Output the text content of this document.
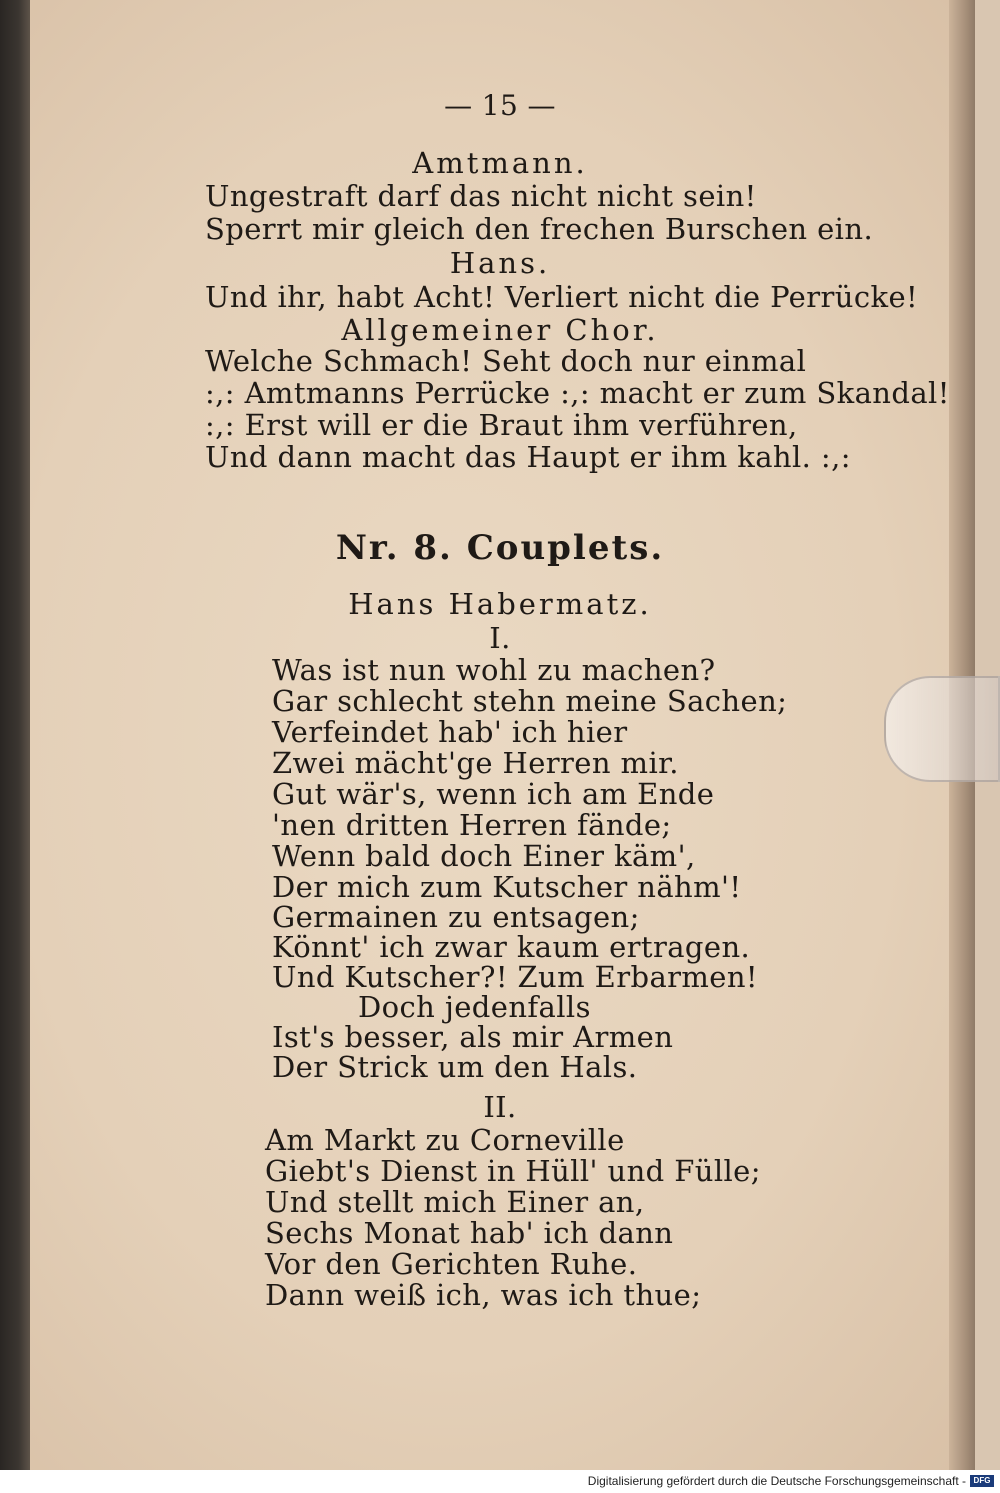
— 15 —
Amtmann.
Ungestraft darf das nicht nicht sein!
Sperrt mir gleich den frechen Burschen ein.
Hans.
Und ihr, habt Acht! Verliert nicht die Perrücke!
Allgemeiner Chor.
Welche Schmach! Seht doch nur einmal
:,: Amtmanns Perrücke :,: macht er zum Skandal!
:,: Erst will er die Braut ihm verführen,
Und dann macht das Haupt er ihm kahl. :,:
Nr. 8. Couplets.
Hans Habermatz.
I.
Was ist nun wohl zu machen?
Gar schlecht stehn meine Sachen;
Verfeindet hab' ich hier
Zwei mächt'ge Herren mir.
Gut wär's, wenn ich am Ende
'nen dritten Herren fände;
Wenn bald doch Einer käm',
Der mich zum Kutscher nähm'!
Germainen zu entsagen;
Könnt' ich zwar kaum ertragen.
Und Kutscher?! Zum Erbarmen!
Doch jedenfalls
Ist's besser, als mir Armen
Der Strick um den Hals.
II.
Am Markt zu Corneville
Giebt's Dienst in Hüll' und Fülle;
Und stellt mich Einer an,
Sechs Monat hab' ich dann
Vor den Gerichten Ruhe.
Dann weiß ich, was ich thue;
Digitalisierung gefördert durch die Deutsche Forschungsgemeinschaft - DFG
